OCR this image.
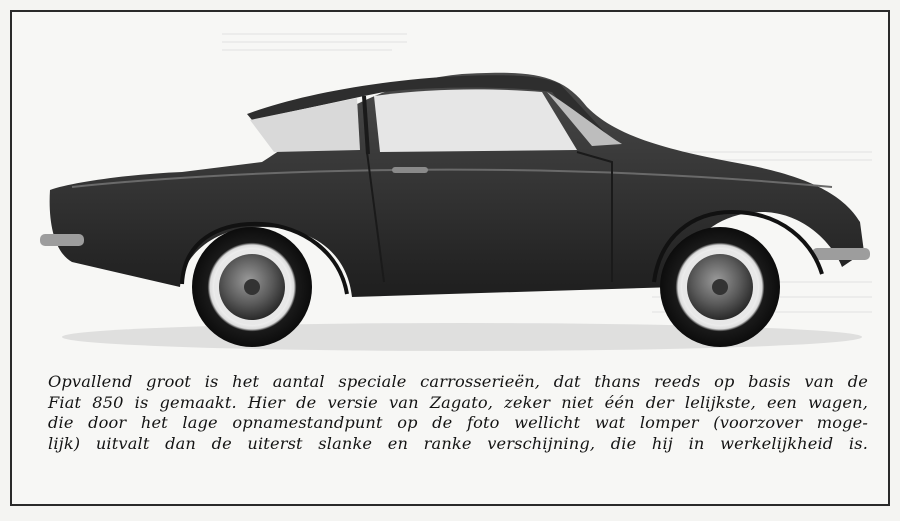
Opvallend groot is het aantal speciale carrosserieën, dat thans reeds op basis van de
Fiat 850 is gemaakt. Hier de versie van Zagato, zeker niet één der lelijkste, een wagen,
die door het lage opnamestandpunt op de foto wellicht wat lomper (voorzover moge-
lijk) uitvalt dan de uiterst slanke en ranke verschijning, die hij in werkelijkheid is.
